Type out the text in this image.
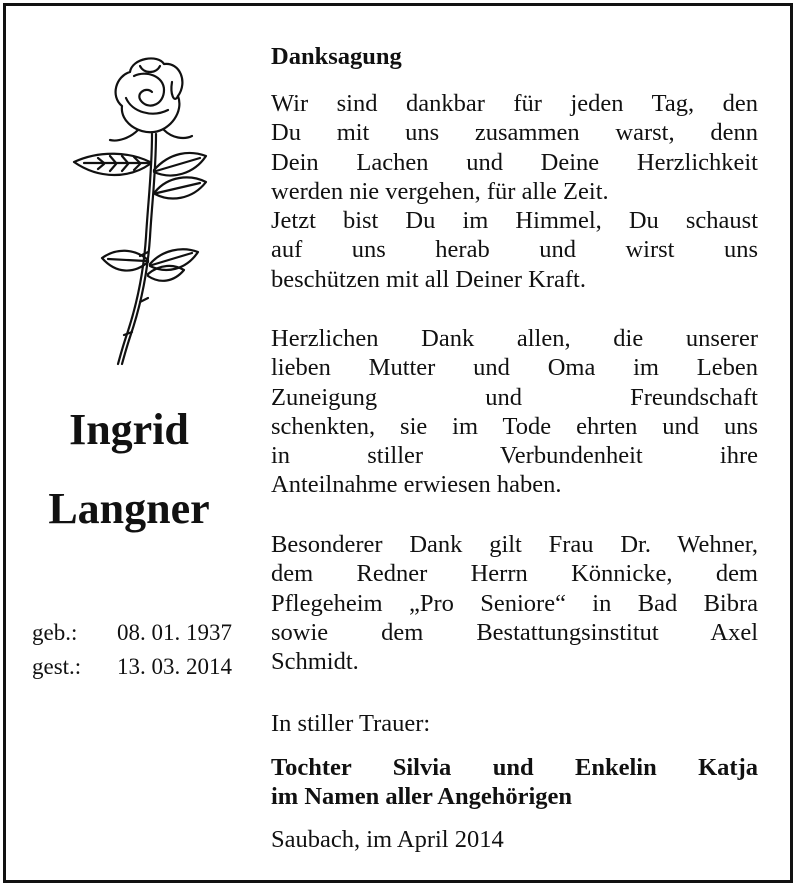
Ingrid
Langner
geb.:	08. 01. 1937
gest.:	13. 03. 2014
Danksagung
Wir sind dankbar für jeden Tag, den
Du mit uns zusammen warst, denn
Dein Lachen und Deine Herzlichkeit
werden nie vergehen, für alle Zeit.
Jetzt bist Du im Himmel, Du schaust
auf uns herab und wirst uns
beschützen mit all Deiner Kraft.
Herzlichen Dank allen, die unserer
lieben Mutter und Oma im Leben
Zuneigung und Freundschaft
schenkten, sie im Tode ehrten und uns
in stiller Verbundenheit ihre
Anteilnahme erwiesen haben.
Besonderer Dank gilt Frau Dr. Wehner,
dem Redner Herrn Könnicke, dem
Pflegeheim „Pro Seniore“ in Bad Bibra
sowie dem Bestattungsinstitut Axel
Schmidt.
In stiller Trauer:
Tochter Silvia und Enkelin Katja
im Namen aller Angehörigen
Saubach, im April 2014
